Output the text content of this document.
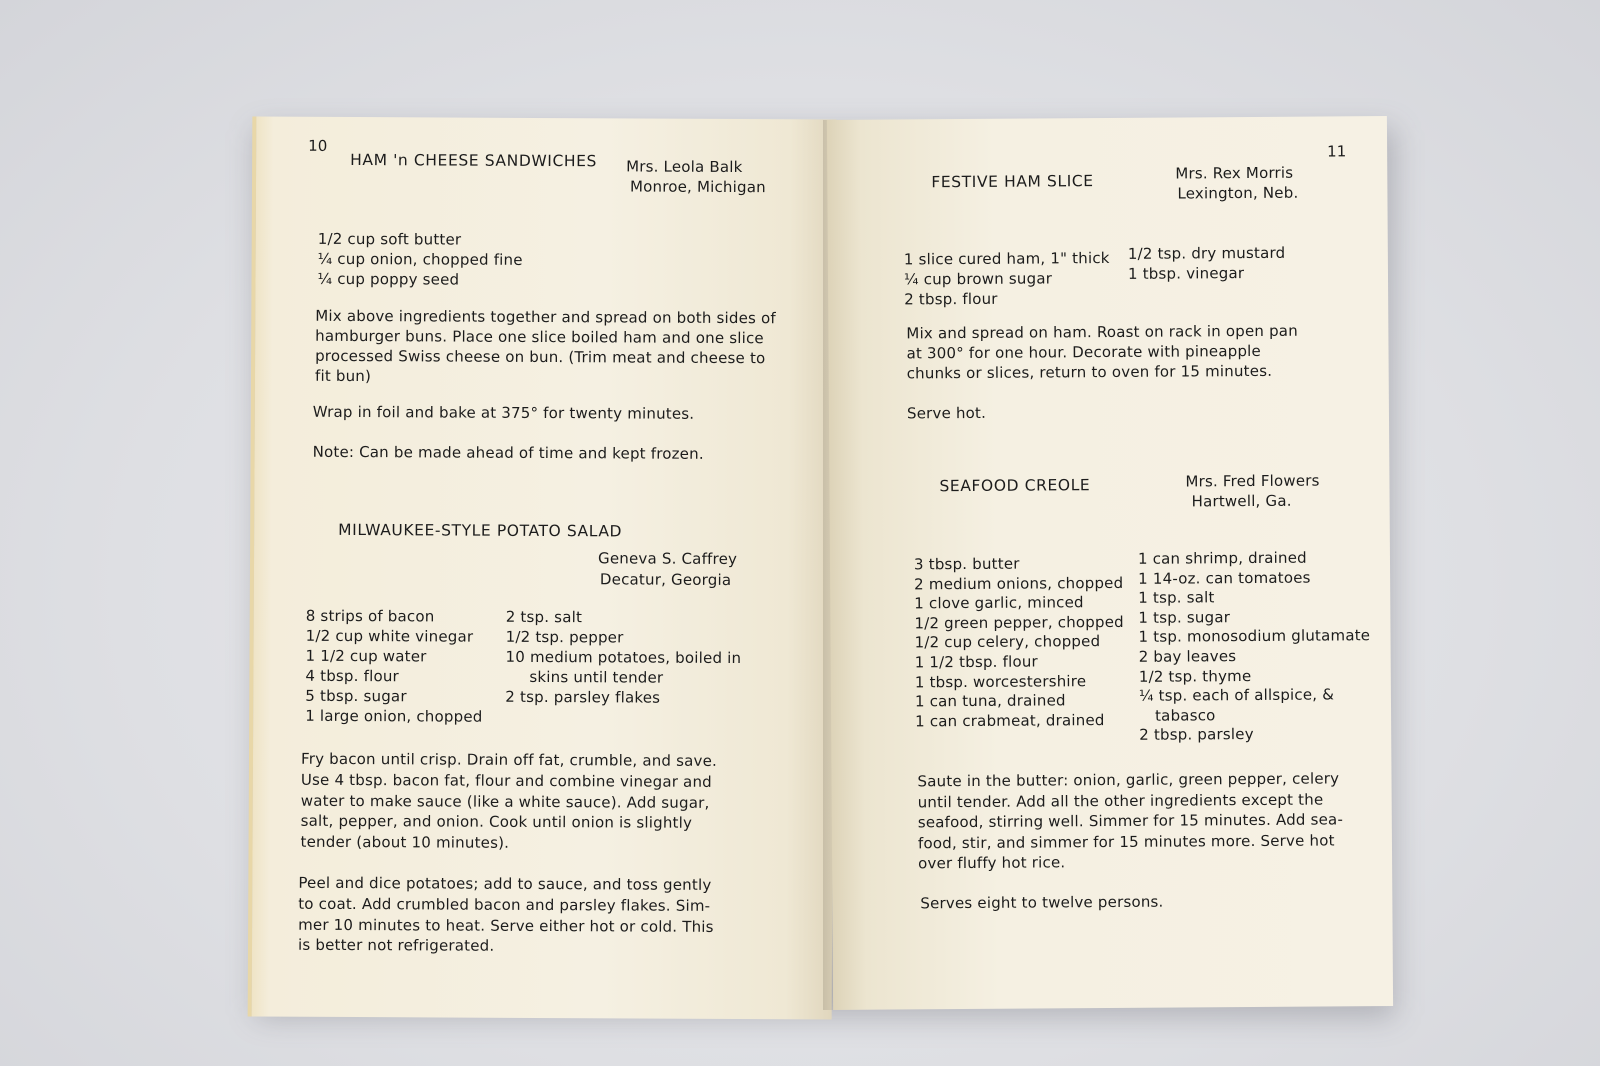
10
HAM 'n CHEESE SANDWICHES Mrs. Leola Balk
Monroe, Michigan
1/2 cup soft butter
¼ cup onion, chopped fine
¼ cup poppy seed
Mix above ingredients together and spread on both sides of
hamburger buns. Place one slice boiled ham and one slice
processed Swiss cheese on bun. (Trim meat and cheese to
fit bun)
Wrap in foil and bake at 375° for twenty minutes.
Note: Can be made ahead of time and kept frozen.
MILWAUKEE-STYLE POTATO SALAD
Geneva S. Caffrey
Decatur, Georgia
8 strips of bacon
1/2 cup white vinegar
1 1/2 cup water
4 tbsp. flour
5 tbsp. sugar
1 large onion, chopped
2 tsp. salt
1/2 tsp. pepper
10 medium potatoes, boiled in
skins until tender
2 tsp. parsley flakes
Fry bacon until crisp. Drain off fat, crumble, and save.
Use 4 tbsp. bacon fat, flour and combine vinegar and
water to make sauce (like a white sauce). Add sugar,
salt, pepper, and onion. Cook until onion is slightly
tender (about 10 minutes).
Peel and dice potatoes; add to sauce, and toss gently
to coat. Add crumbled bacon and parsley flakes. Sim-
mer 10 minutes to heat. Serve either hot or cold. This
is better not refrigerated.
11
FESTIVE HAM SLICE	Mrs. Rex Morris
Lexington, Neb.
1 slice cured ham, 1" thick
¼ cup brown sugar
2 tbsp. flour
1/2 tsp. dry mustard
1 tbsp. vinegar
Mix and spread on ham. Roast on rack in open pan
at 300° for one hour. Decorate with pineapple
chunks or slices, return to oven for 15 minutes.
Serve hot.
SEAFOOD CREOLE	Mrs. Fred Flowers
Hartwell, Ga.
3 tbsp. butter
2 medium onions, chopped
1 clove garlic, minced
1/2 green pepper, chopped
1/2 cup celery, chopped
1 1/2 tbsp. flour
1 tbsp. worcestershire
1 can tuna, drained
1 can crabmeat, drained
1 can shrimp, drained
1 14-oz. can tomatoes
1 tsp. salt
1 tsp. sugar
1 tsp. monosodium glutamate
2 bay leaves
1/2 tsp. thyme
¼ tsp. each of allspice, &
tabasco
2 tbsp. parsley
Saute in the butter: onion, garlic, green pepper, celery
until tender. Add all the other ingredients except the
seafood, stirring well. Simmer for 15 minutes. Add sea-
food, stir, and simmer for 15 minutes more. Serve hot
over fluffy hot rice.
Serves eight to twelve persons.
